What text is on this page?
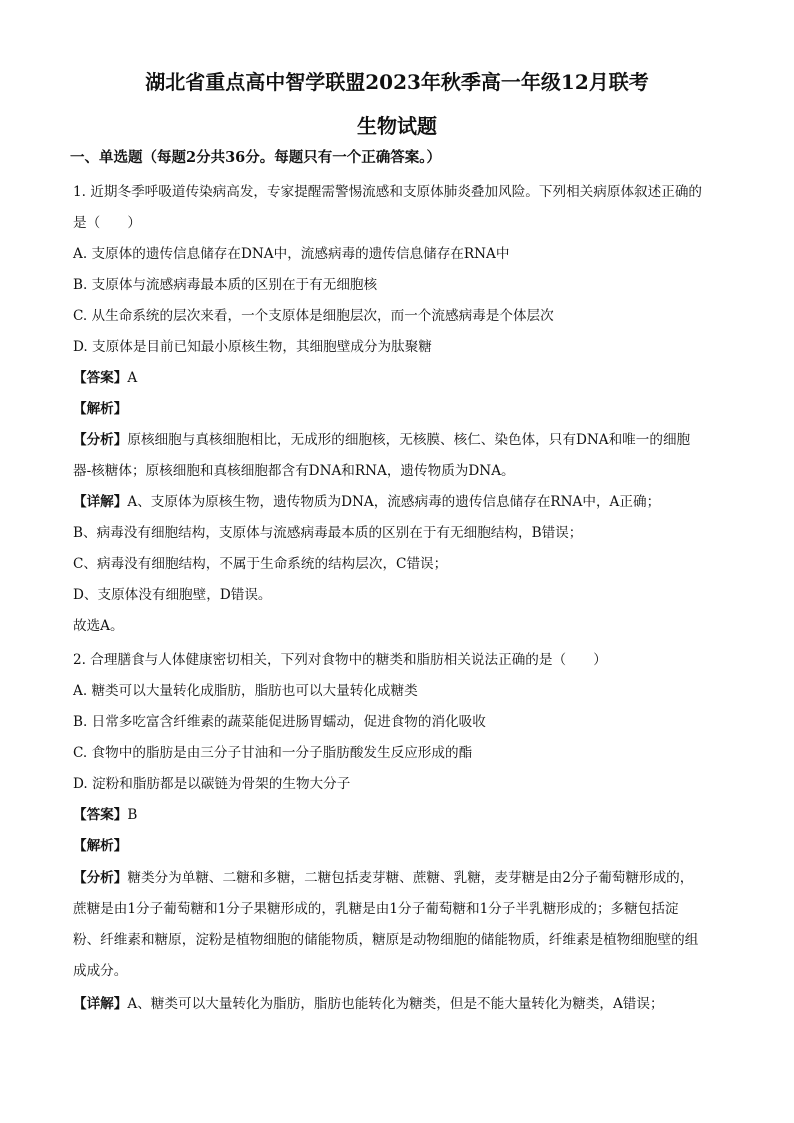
湖北省重点高中智学联盟2023年秋季高一年级12月联考
生物试题
一、单选题（每题2分共36分。每题只有一个正确答案。）
1. 近期冬季呼吸道传染病高发，专家提醒需警惕流感和支原体肺炎叠加风险。下列相关病原体叙述正确的
是（　　）
A. 支原体的遗传信息储存在DNA中，流感病毒的遗传信息储存在RNA中
B. 支原体与流感病毒最本质的区别在于有无细胞核
C. 从生命系统的层次来看，一个支原体是细胞层次，而一个流感病毒是个体层次
D. 支原体是目前已知最小原核生物，其细胞壁成分为肽聚糖
【答案】A
【解析】
【分析】原核细胞与真核细胞相比，无成形的细胞核，无核膜、核仁、染色体，只有DNA和唯一的细胞
器-核糖体；原核细胞和真核细胞都含有DNA和RNA，遗传物质为DNA。
【详解】A、支原体为原核生物，遗传物质为DNA，流感病毒的遗传信息储存在RNA中，A正确；
B、病毒没有细胞结构，支原体与流感病毒最本质的区别在于有无细胞结构，B错误；
C、病毒没有细胞结构，不属于生命系统的结构层次，C错误；
D、支原体没有细胞壁，D错误。
故选A。
2. 合理膳食与人体健康密切相关，下列对食物中的糖类和脂肪相关说法正确的是（　　）
A. 糖类可以大量转化成脂肪，脂肪也可以大量转化成糖类
B. 日常多吃富含纤维素的蔬菜能促进肠胃蠕动，促进食物的消化吸收
C. 食物中的脂肪是由三分子甘油和一分子脂肪酸发生反应形成的酯
D. 淀粉和脂肪都是以碳链为骨架的生物大分子
【答案】B
【解析】
【分析】糖类分为单糖、二糖和多糖，二糖包括麦芽糖、蔗糖、乳糖，麦芽糖是由2分子葡萄糖形成的，
蔗糖是由1分子葡萄糖和1分子果糖形成的，乳糖是由1分子葡萄糖和1分子半乳糖形成的；多糖包括淀
粉、纤维素和糖原，淀粉是植物细胞的储能物质，糖原是动物细胞的储能物质，纤维素是植物细胞壁的组
成成分。
【详解】A、糖类可以大量转化为脂肪，脂肪也能转化为糖类，但是不能大量转化为糖类，A错误；
